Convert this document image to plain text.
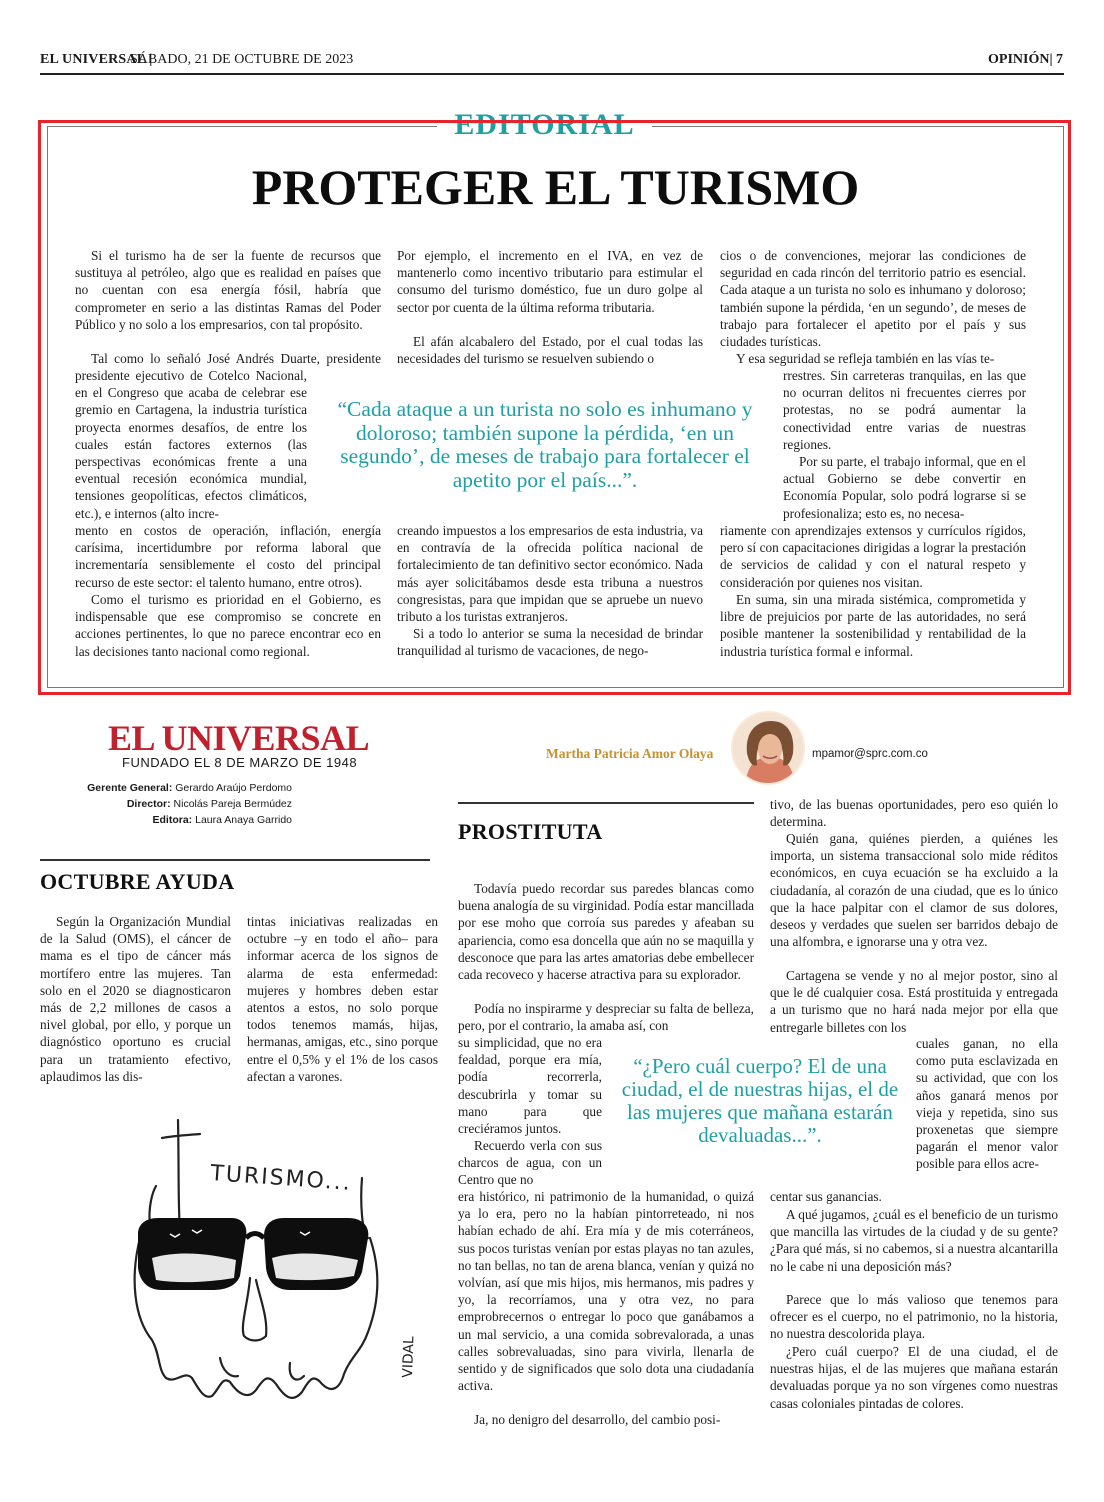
EL UNIVERSAL |
SÁBADO, 21 DE OCTUBRE DE 2023	OPINIÓN| 7
EDITORIAL
PROTEGER EL TURISMO

Si el turismo ha de ser la fuente de recursos que sustituya al petróleo, algo que es realidad en países que no cuentan con esa energía fósil, habría que comprometer en serio a las distintas Ramas del Poder Público y no solo a los empresarios, con tal propósito.

Tal como lo señaló José Andrés Duarte, presidente

presidente ejecutivo de Cotelco Nacional, en el Congreso que acaba de celebrar ese gremio en Cartagena, la industria turística proyecta enormes desafíos, de entre los cuales están factores externos (las perspectivas económicas frente a una eventual recesión económica mundial, tensiones geopolíticas, efectos climáticos, etc.), e internos (alto incre-

mento en costos de operación, inflación, energía carísima, incertidumbre por reforma laboral que incrementaría sensiblemente el costo del principal recurso de este sector: el talento humano, entre otros).

Como el turismo es prioridad en el Gobierno, es indispensable que ese compromiso se concrete en acciones pertinentes, lo que no parece encontrar eco en las decisiones tanto nacional como regional.

Por ejemplo, el incremento en el IVA, en vez de mantenerlo como incentivo tributario para estimular el consumo del turismo doméstico, fue un duro golpe al sector por cuenta de la última reforma tributaria.

El afán alcabalero del Estado, por el cual todas las necesidades del turismo se resuelven subiendo o

creando impuestos a los empresarios de esta industria, va en contravía de la ofrecida política nacional de fortalecimiento de tan definitivo sector económico. Nada más ayer solicitábamos desde esta tribuna a nuestros congresistas, para que impidan que se apruebe un nuevo tributo a los turistas extranjeros.

Si a todo lo anterior se suma la necesidad de brindar tranquilidad al turismo de vacaciones, de nego-

cios o de convenciones, mejorar las condiciones de seguridad en cada rincón del territorio patrio es esencial. Cada ataque a un turista no solo es inhumano y doloroso; también supone la pérdida, ‘en un segundo’, de meses de trabajo para fortalecer el apetito por el país y sus ciudades turísticas.

Y esa seguridad se refleja también en las vías te-

rrestres. Sin carreteras tranquilas, en las que no ocurran delitos ni frecuentes cierres por protestas, no se podrá aumentar la conectividad entre varias de nuestras regiones.

Por su parte, el trabajo informal, que en el actual Gobierno se debe convertir en Economía Popular, solo podrá lograrse si se profesionaliza; esto es, no necesa-

riamente con aprendizajes extensos y currículos rígidos, pero sí con capacitaciones dirigidas a lograr la prestación de servicios de calidad y con el natural respeto y consideración por quienes nos visitan.

En suma, sin una mirada sistémica, comprometida y libre de prejuicios por parte de las autoridades, no será posible mantener la sostenibilidad y rentabilidad de la industria turística formal e informal.

“Cada ataque a un turista no solo es inhumano y doloroso; también supone la pérdida, ‘en un segundo’, de meses de trabajo para fortalecer el apetito por el país...”.
EL UNIVERSAL
FUNDADO EL 8 DE MARZO DE 1948
Gerente General: Gerardo Araújo Perdomo
Director: Nicolás Pareja Bermúdez
Editora: Laura Anaya Garrido
OCTUBRE AYUDA

Según la Organización Mundial de la Salud (OMS), el cáncer de mama es el tipo de cáncer más mortífero entre las mujeres. Tan solo en el 2020 se diagnosticaron más de 2,2 millones de casos a nivel global, por ello, y porque un diagnóstico oportuno es crucial para un tratamiento efectivo, aplaudimos las dis-

tintas iniciativas realizadas en octubre –y en todo el año– para informar acerca de los signos de alarma de esta enfermedad: mujeres y hombres deben estar atentos a estos, no solo porque todos tenemos mamás, hijas, hermanas, amigas, etc., sino porque entre el 0,5% y el 1% de los casos afectan a varones.

TURISMO...
VIDAL
Martha Patricia Amor Olaya	mpamor@sprc.com.co
PROSTITUTA

Todavía puedo recordar sus paredes blancas como buena analogía de su virginidad. Podía estar mancillada por ese moho que corroía sus paredes y afeaban su apariencia, como esa doncella que aún no se maquilla y desconoce que para las artes amatorias debe embellecer cada recoveco y hacerse atractiva para su explorador.

Podía no inspirarme y despreciar su falta de belleza, pero, por el contrario, la amaba así, con

su simplicidad, que no era fealdad, porque era mía, podía recorrerla, descubrirla y tomar su mano para que creciéramos juntos.

Recuerdo verla con sus charcos de agua, con un Centro que no

era histórico, ni patrimonio de la humanidad, o quizá ya lo era, pero no la habían pintorreteado, ni nos habían echado de ahí. Era mía y de mis coterráneos, sus pocos turistas venían por estas playas no tan azules, no tan bellas, no tan de arena blanca, venían y quizá no volvían, así que mis hijos, mis hermanos, mis padres y yo, la recorríamos, una y otra vez, no para emprobrecernos o entregar lo poco que ganábamos a un mal servicio, a una comida sobrevalorada, a unas calles sobrevaluadas, sino para vivirla, llenarla de sentido y de significados que solo dota una ciudadanía activa.

Ja, no denigro del desarrollo, del cambio posi-

tivo, de las buenas oportunidades, pero eso quién lo determina.

Quién gana, quiénes pierden, a quiénes les importa, un sistema transaccional solo mide réditos económicos, en cuya ecuación se ha excluido a la ciudadanía, al corazón de una ciudad, que es lo único que la hace palpitar con el clamor de sus dolores, deseos y verdades que suelen ser barridos debajo de una alfombra, e ignorarse una y otra vez.

Cartagena se vende y no al mejor postor, sino al que le dé cualquier cosa. Está prostituida y entregada a un turismo que no hará nada mejor por ella que entregarle billetes con los

cuales ganan, no ella como puta esclavizada en su actividad, que con los años ganará menos por vieja y repetida, sino sus proxenetas que siempre pagarán el menor valor posible para ellos acre-

centar sus ganancias.

A qué jugamos, ¿cuál es el beneficio de un turismo que mancilla las virtudes de la ciudad y de su gente? ¿Para qué más, si no cabemos, si a nuestra alcantarilla no le cabe ni una deposición más?

Parece que lo más valioso que tenemos para ofrecer es el cuerpo, no el patrimonio, no la historia, no nuestra descolorida playa.

¿Pero cuál cuerpo? El de una ciudad, el de nuestras hijas, el de las mujeres que mañana estarán devaluadas porque ya no son vírgenes como nuestras casas coloniales pintadas de colores.

“¿Pero cuál cuerpo? El de una ciudad, el de nuestras hijas, el de las mujeres que mañana estarán devaluadas...”.
